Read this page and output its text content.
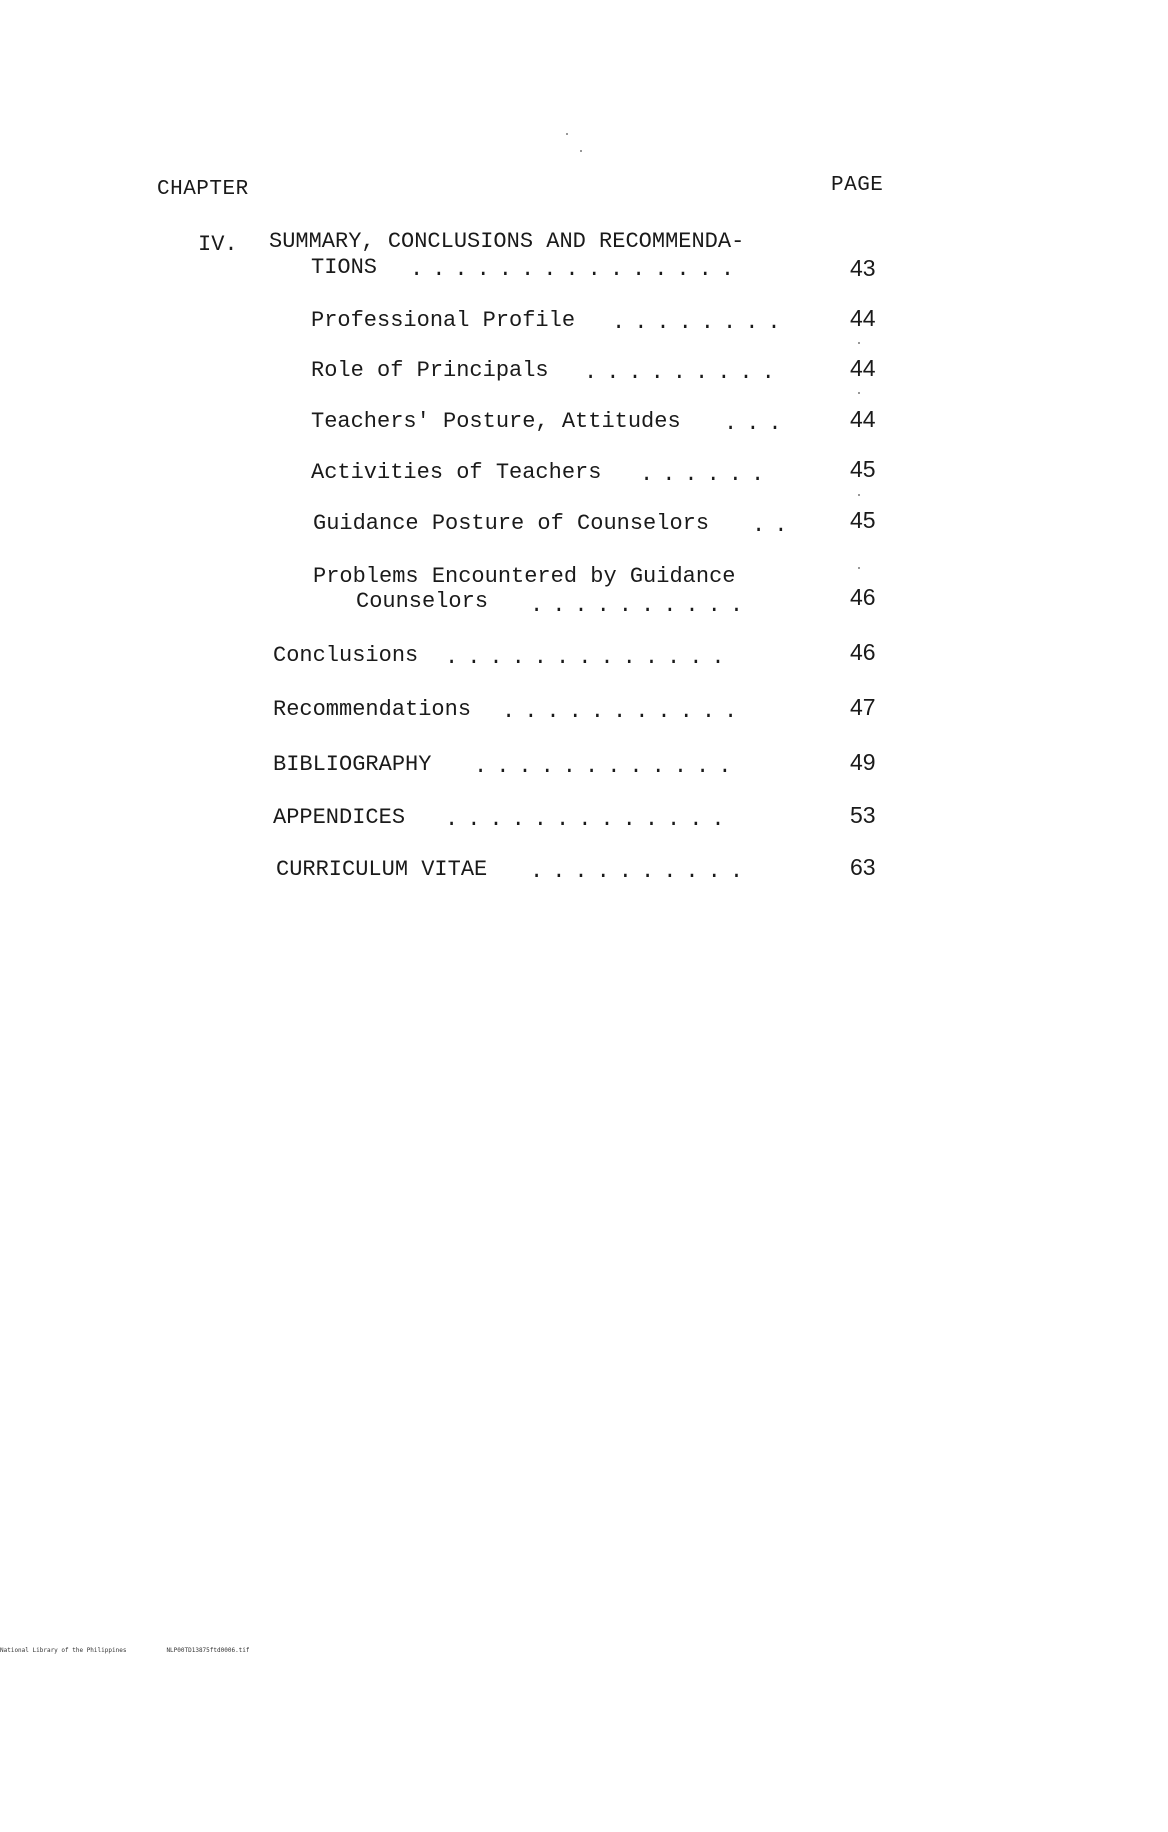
CHAPTER	PAGE
IV. SUMMARY, CONCLUSIONS AND RECOMMENDA-
TIONS ...............	43
Professional Profile ........	44
Role of Principals .........	44
Teachers' Posture, Attitudes ...	44
Activities of Teachers ......	45
Guidance Posture of Counselors .. 45
Problems Encountered by Guidance
Counselors ..........	46
Conclusions .............	46
Recommendations ...........	47
BIBLIOGRAPHY ............	49
APPENDICES .............	53
CURRICULUM VITAE ..........	63
National Library of the Philippines	NLP00TD13875ftd0006.tif
